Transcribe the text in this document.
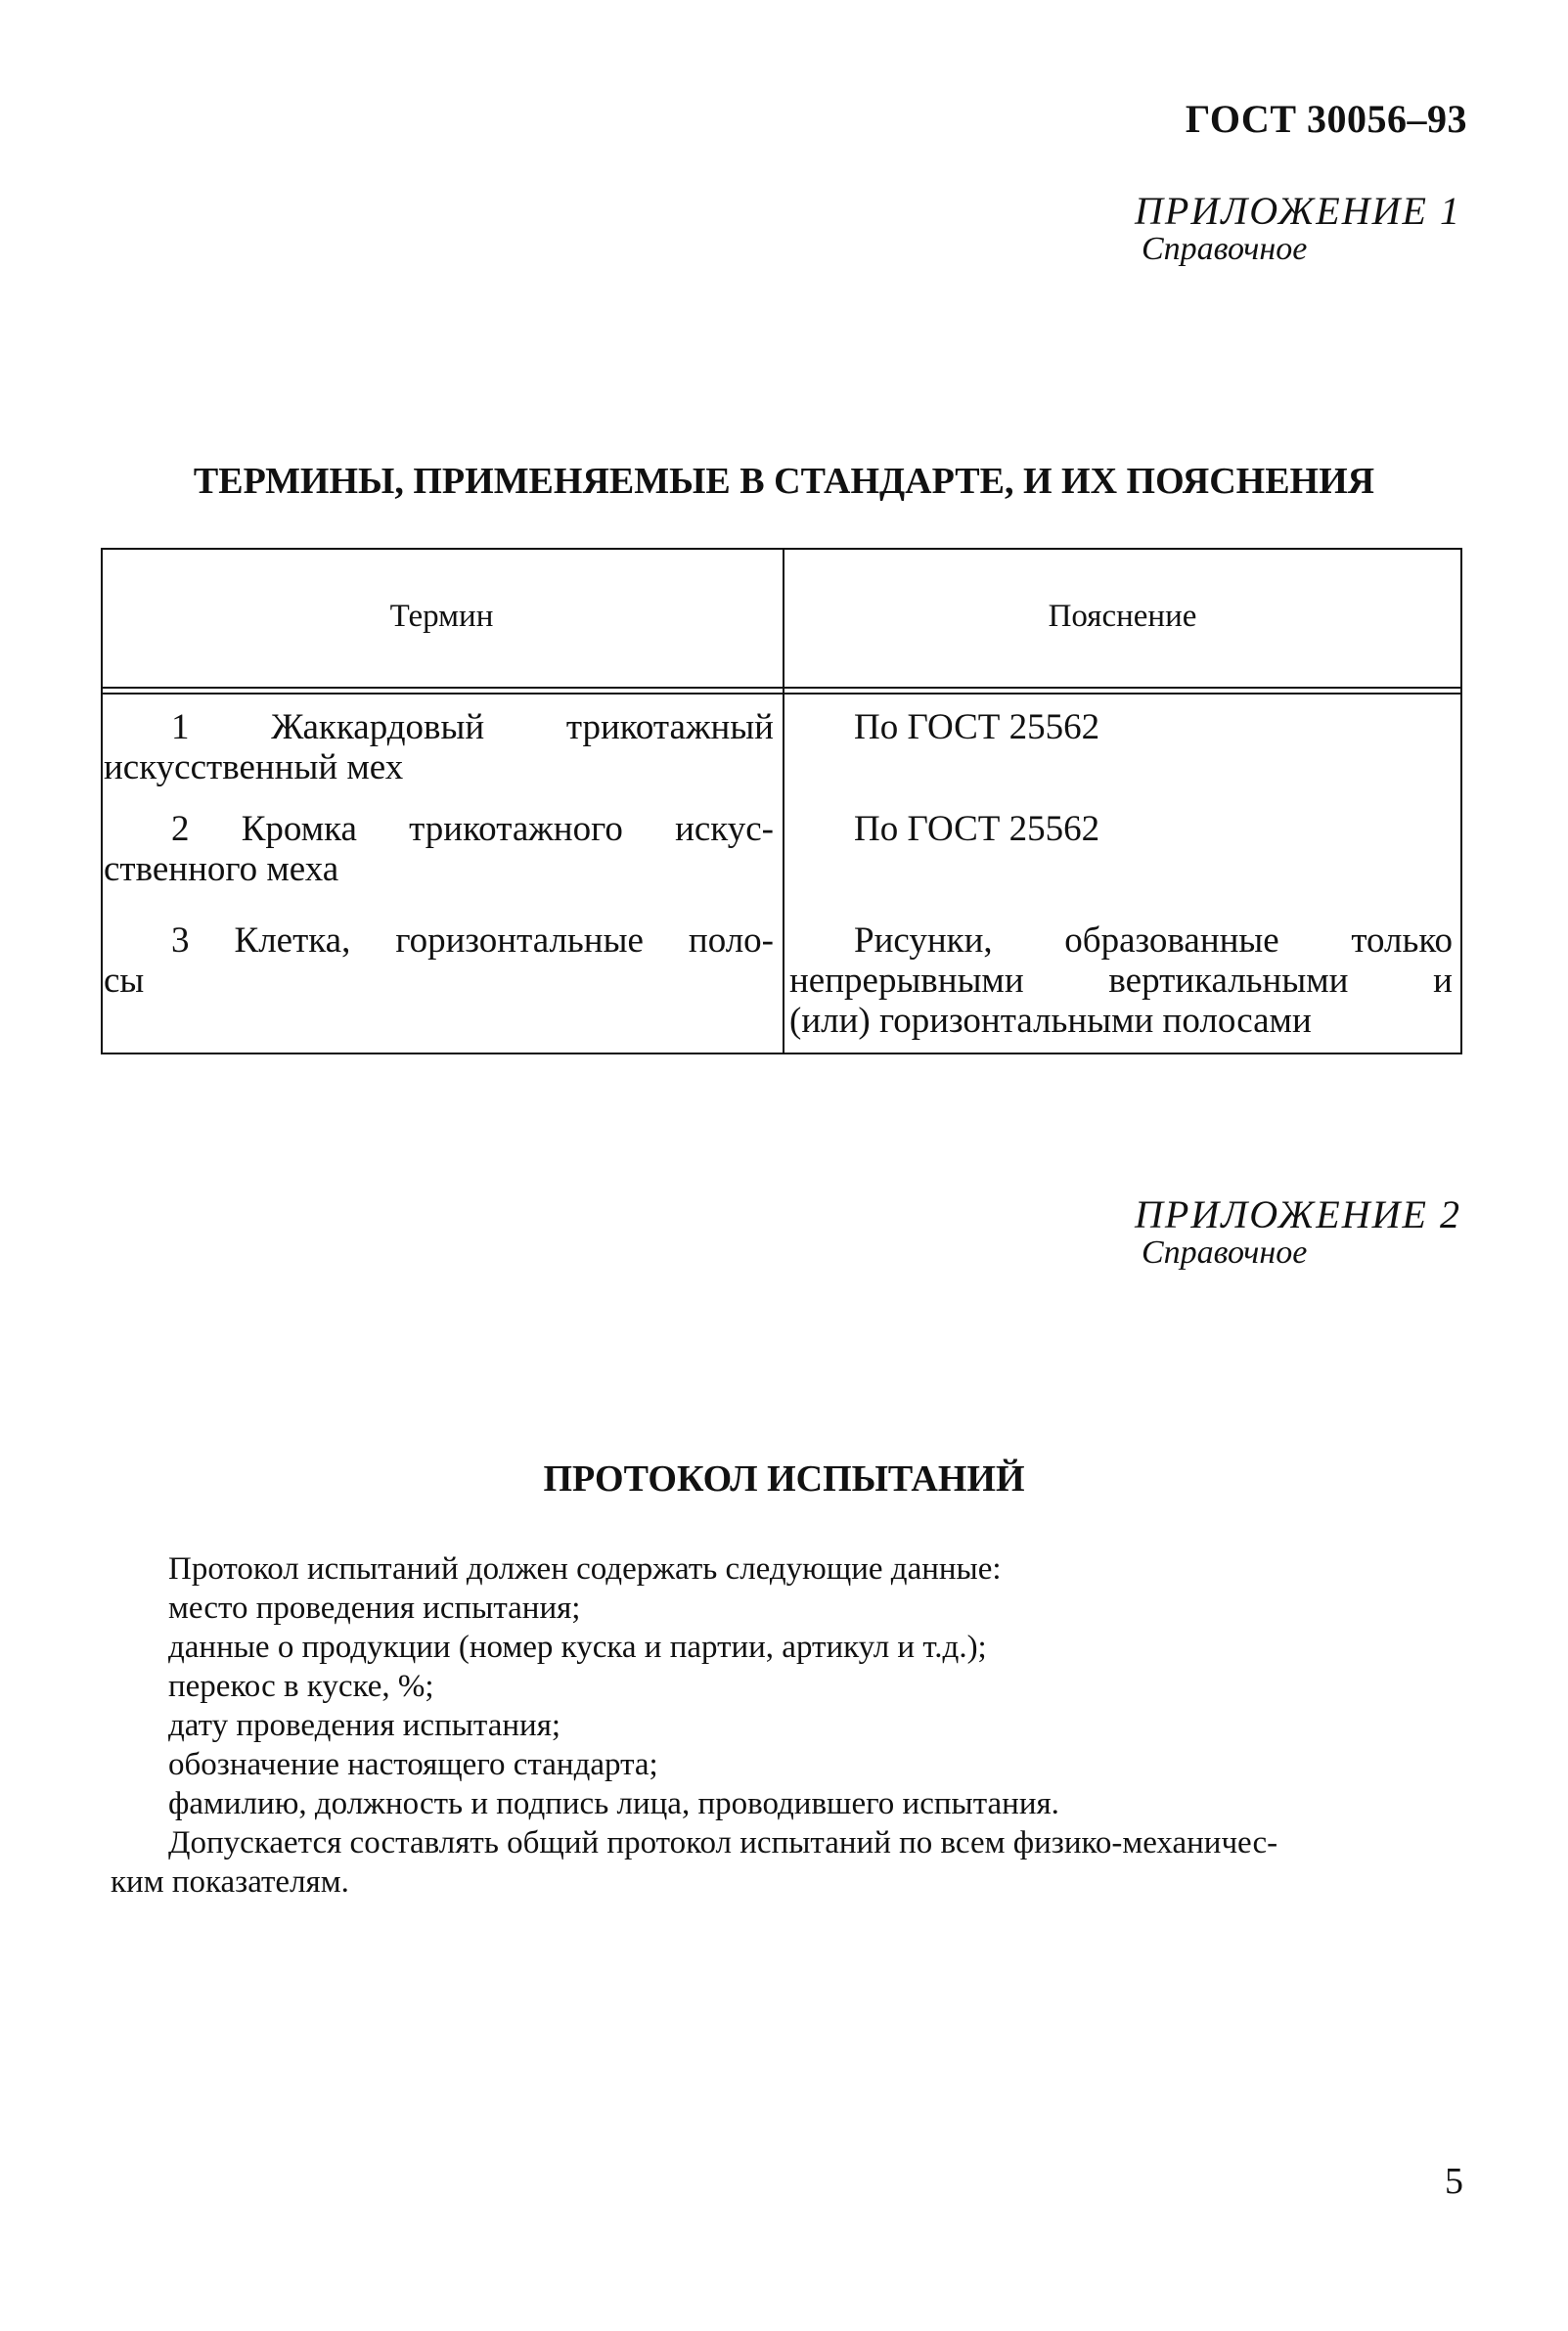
ГОСТ 30056–93
ПРИЛОЖЕНИЕ 1
Справочное
ТЕРМИНЫ, ПРИМЕНЯЕМЫЕ В СТАНДАРТЕ, И ИХ ПОЯСНЕНИЯ
Термин	Пояснение
1 Жаккардовый трикотажный
искусственный мех
По ГОСТ 25562
2 Кромка трикотажного искус-
ственного меха
По ГОСТ 25562
3 Клетка, горизонтальные поло-
сы
Рисунки, образованные только
непрерывными вертикальными и
(или) горизонтальными полосами
ПРИЛОЖЕНИЕ 2
Справочное
ПРОТОКОЛ ИСПЫТАНИЙ
Протокол испытаний должен содержать следующие данные:
место проведения испытания;
данные о продукции (номер куска и партии, артикул и т.д.);
перекос в куске, %;
дату проведения испытания;
обозначение настоящего стандарта;
фамилию, должность и подпись лица, проводившего испытания.
Допускается составлять общий протокол испытаний по всем физико-механичес-
ким показателям.
5
